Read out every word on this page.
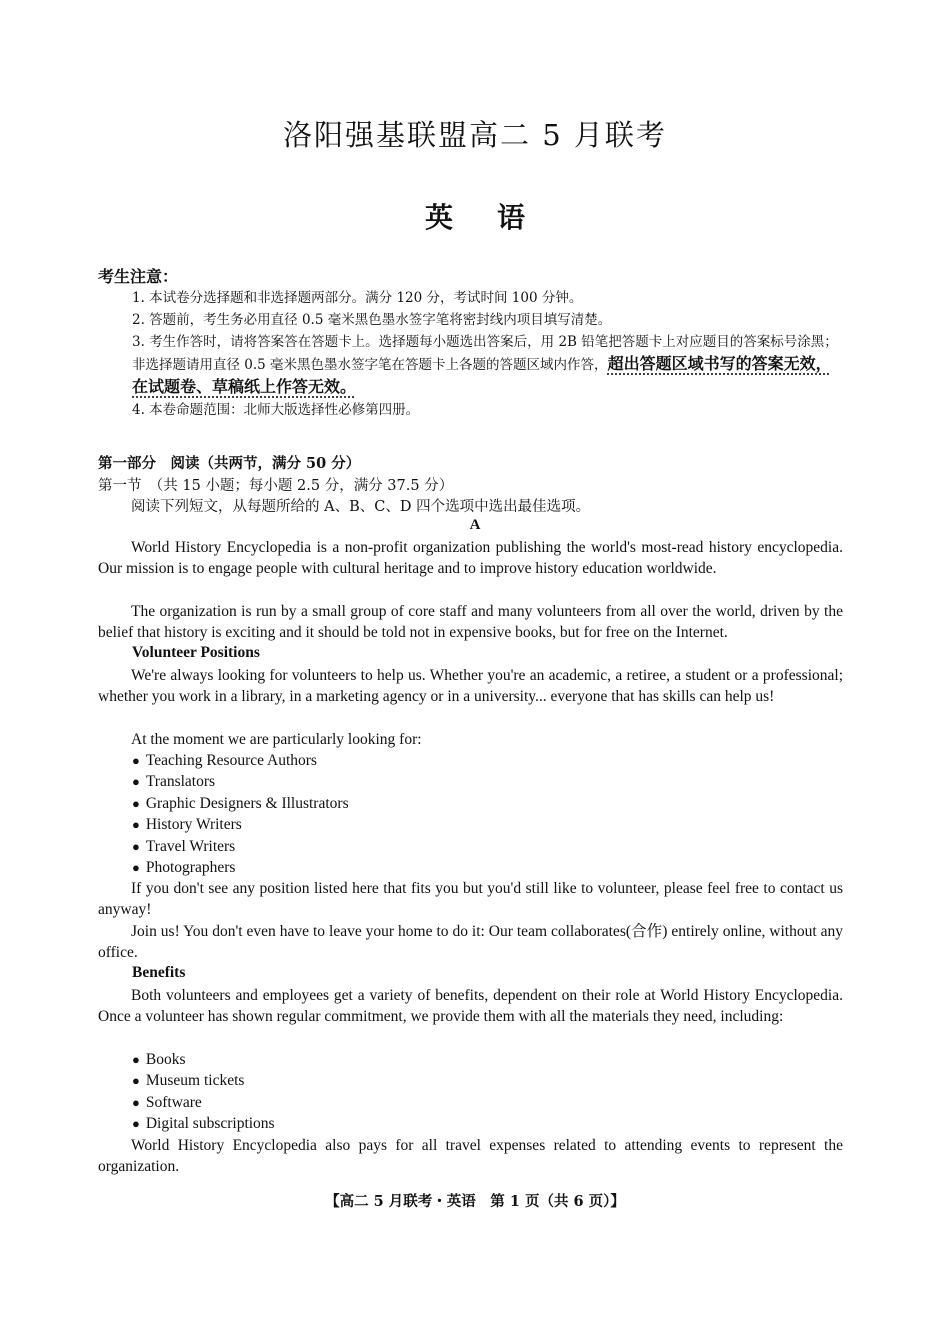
洛阳强基联盟高二 5 月联考
英语
考生注意：
1. 本试卷分选择题和非选择题两部分。满分 120 分，考试时间 100 分钟。
2. 答题前，考生务必用直径 0.5 毫米黑色墨水签字笔将密封线内项目填写清楚。
3. 考生作答时，请将答案答在答题卡上。选择题每小题选出答案后，用 2B 铅笔把答题卡上对应题目的答案标号涂黑；非选择题请用直径 0.5 毫米黑色墨水签字笔在答题卡上各题的答题区域内作答，超出答题区域书写的答案无效，在试题卷、草稿纸上作答无效。
4. 本卷命题范围：北师大版选择性必修第四册。
第一部分　阅读（共两节，满分 50 分）
第一节　（共 15 小题；每小题 2.5 分，满分 37.5 分）
阅读下列短文，从每题所给的 A、B、C、D 四个选项中选出最佳选项。
A
World History Encyclopedia is a non-profit organization publishing the world's most-read history encyclopedia. Our mission is to engage people with cultural heritage and to improve history education worldwide.
The organization is run by a small group of core staff and many volunteers from all over the world, driven by the belief that history is exciting and it should be told not in expensive books, but for free on the Internet.
Volunteer Positions
We're always looking for volunteers to help us. Whether you're an academic, a retiree, a student or a professional; whether you work in a library, in a marketing agency or in a university... everyone that has skills can help us!
At the moment we are particularly looking for:
● Teaching Resource Authors
● Translators
● Graphic Designers & Illustrators
● History Writers
● Travel Writers
● Photographers
If you don't see any position listed here that fits you but you'd still like to volunteer, please feel free to contact us anyway!
Join us! You don't even have to leave your home to do it: Our team collaborates(合作) entirely online, without any office.
Benefits
Both volunteers and employees get a variety of benefits, dependent on their role at World History Encyclopedia. Once a volunteer has shown regular commitment, we provide them with all the materials they need, including:
● Books
● Museum tickets
● Software
● Digital subscriptions
World History Encyclopedia also pays for all travel expenses related to attending events to represent the organization.
【高二 5 月联考・英语　第 1 页（共 6 页）】
